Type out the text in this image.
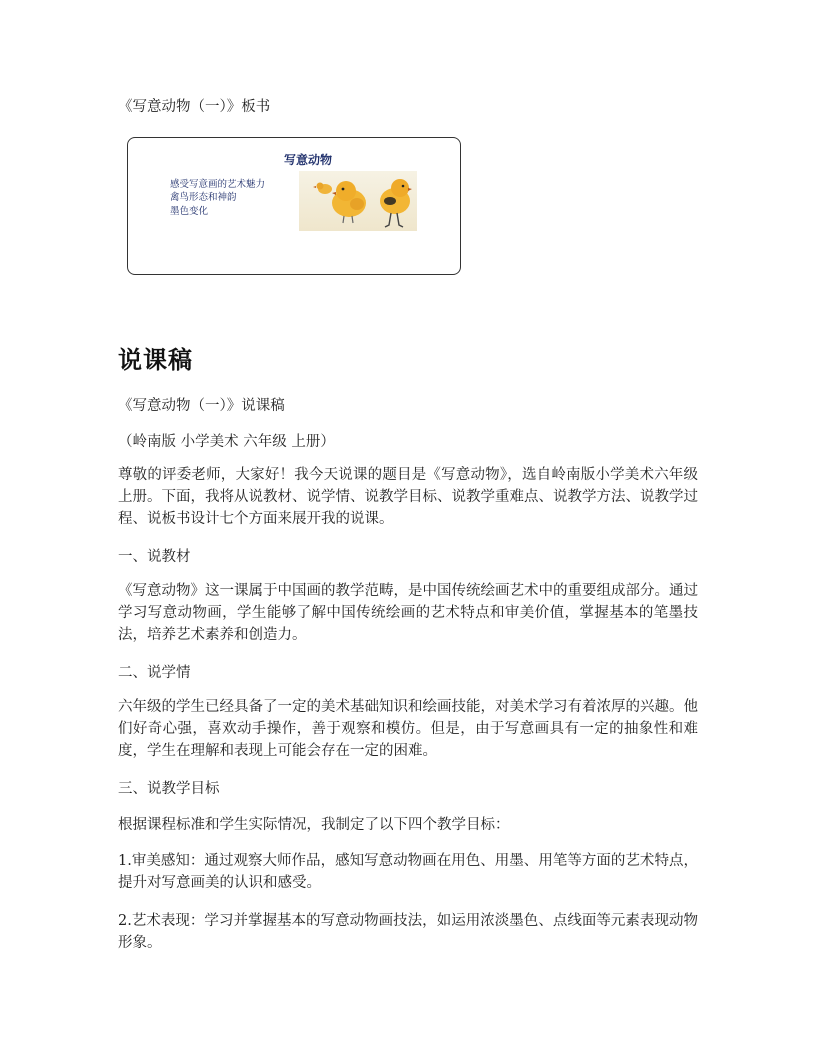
《写意动物（一）》板书
写意动物
感受写意画的艺术魅力
禽鸟形态和神韵
墨色变化
说课稿
《写意动物（一）》说课稿
（岭南版 小学美术 六年级 上册）
尊敬的评委老师，大家好！我今天说课的题目是《写意动物》，选自岭南版小学美术六年级上册。下面，我将从说教材、说学情、说教学目标、说教学重难点、说教学方法、说教学过程、说板书设计七个方面来展开我的说课。
一、说教材
《写意动物》这一课属于中国画的教学范畴，是中国传统绘画艺术中的重要组成部分。通过学习写意动物画，学生能够了解中国传统绘画的艺术特点和审美价值，掌握基本的笔墨技法，培养艺术素养和创造力。
二、说学情
六年级的学生已经具备了一定的美术基础知识和绘画技能，对美术学习有着浓厚的兴趣。他们好奇心强，喜欢动手操作，善于观察和模仿。但是，由于写意画具有一定的抽象性和难度，学生在理解和表现上可能会存在一定的困难。
三、说教学目标
根据课程标准和学生实际情况，我制定了以下四个教学目标：
1.审美感知：通过观察大师作品，感知写意动物画在用色、用墨、用笔等方面的艺术特点，提升对写意画美的认识和感受。
2.艺术表现：学习并掌握基本的写意动物画技法，如运用浓淡墨色、点线面等元素表现动物形象。
